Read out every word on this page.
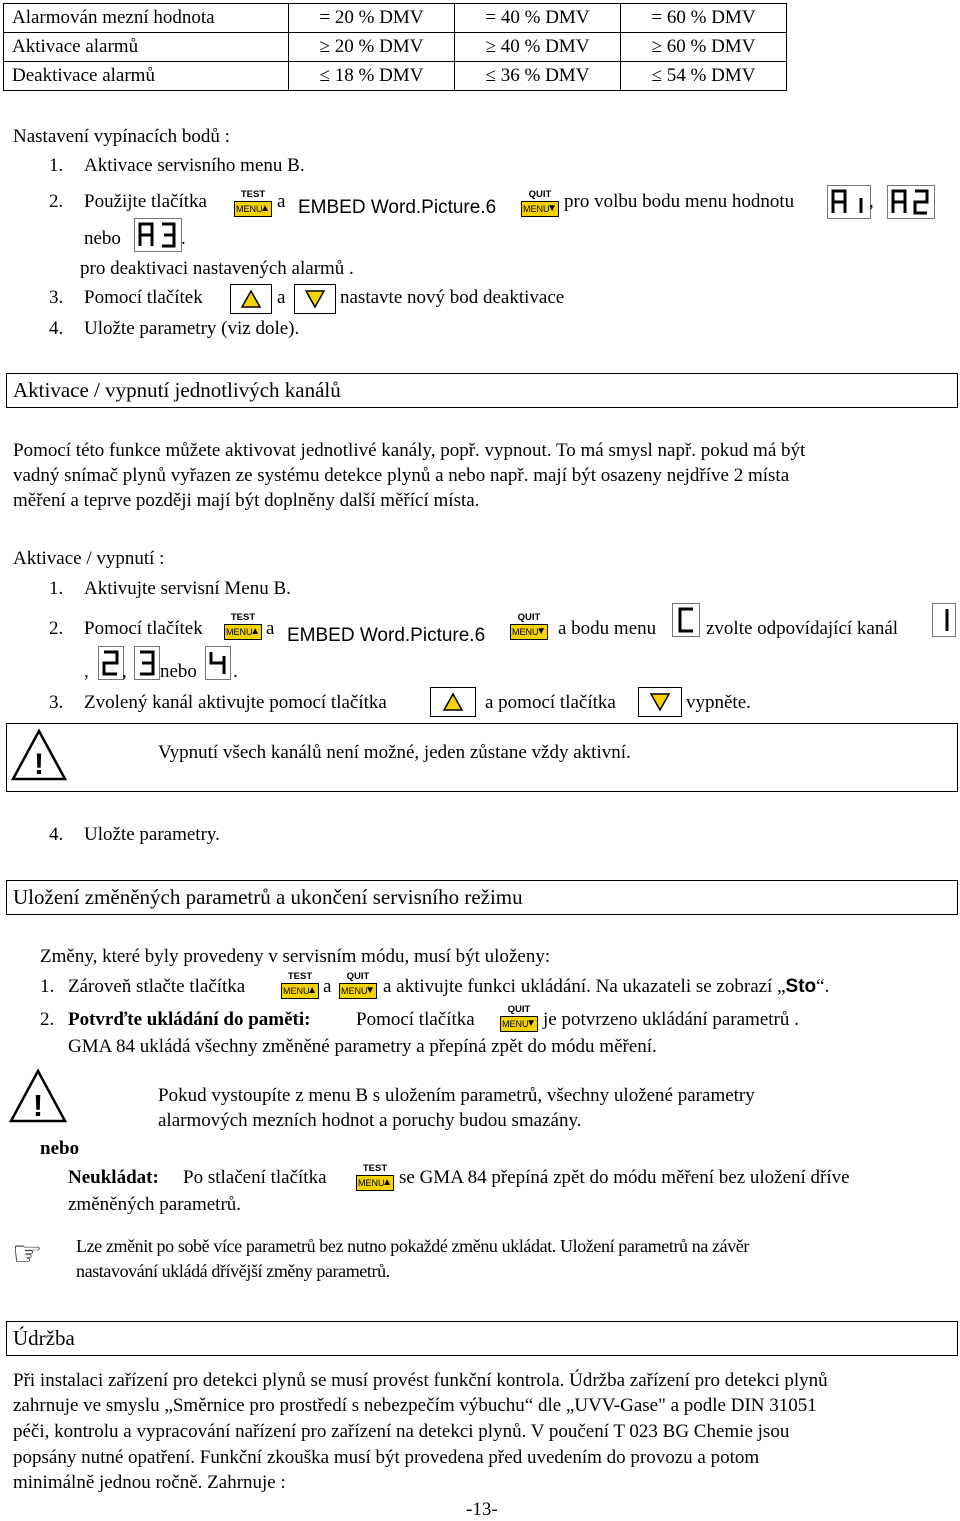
Alarmován mezní hodnota	= 20 % DMV	= 40 % DMV	= 60 % DMV
Aktivace alarmů	≥ 20 % DMV	≥ 40 % DMV	≥ 60 % DMV
Deaktivace alarmů	≤ 18 % DMV	≤ 36 % DMV	≤ 54 % DMV
Nastavení vypínacích bodů :
1. Aktivace servisního menu B.
2. Použijte tlačítka	TEST
MENU
▲ a EMBED Word.Picture.6
QUIT
MENU
▼ pro volbu bodu menu hodnotu	,
nebo	.
pro deaktivaci nastavených alarmů .
3. Pomocí tlačítek	a	nastavte nový bod deaktivace
4. Uložte parametry (viz dole).
Aktivace / vypnutí jednotlivých kanálů
Pomocí této funkce můžete aktivovat jednotlivé kanály, popř. vypnout. To má smysl např. pokud má být
vadný snímač plynů vyřazen ze systému detekce plynů a nebo např. mají být osazeny nejdříve 2 místa
měření a teprve později mají být doplněny další měřící místa.
Aktivace / vypnutí :
1. Aktivujte servisní Menu B.
2. Pomocí tlačítek
TEST
MENU
▲ a EMBED Word.Picture.6
QUIT
MENU
▼ a bodu menu	zvolte odpovídající kanál
, , nebo .
3. Zvolený kanál aktivujte pomocí tlačítka	a pomocí tlačítka	vypněte.
!	Vypnutí všech kanálů není možné, jeden zůstane vždy aktivní.
4. Uložte parametry.
Uložení změněných parametrů a ukončení servisního režimu
Změny, které byly provedeny v servisním módu, musí být uloženy:
1. Zároveň stlačte tlačítka	TEST
MENU
▲ a	QUIT
MENU
▼ a aktivujte funkci ukládání. Na ukazateli se zobrazí „Sto“.
2. Potvrďte ukládání do paměti: Pomocí tlačítka	QUIT
MENU
▼ je potvrzeno ukládání parametrů .
GMA 84 ukládá všechny změněné parametry a přepíná zpět do módu měření.
!	Pokud vystoupíte z menu B s uložením parametrů, všechny uložené parametry
alarmových mezních hodnot a poruchy budou smazány.
nebo
Neukládat: Po stlačení tlačítka	TEST
MENU
▲ se GMA 84 přepíná zpět do módu měření bez uložení dříve
změněných parametrů.
☞ Lze změnit po sobě více parametrů bez nutno pokaždé změnu ukládat. Uložení parametrů na závěr
nastavování ukládá dřívější změny parametrů.
Údržba
Při instalaci zařízení pro detekci plynů se musí provést funkční kontrola. Údržba zařízení pro detekci plynů
zahrnuje ve smyslu „Směrnice pro prostředí s nebezpečím výbuchu“ dle „UVV-Gase" a podle DIN 31051
péči, kontrolu a vypracování nařízení pro zařízení na detekci plynů. V poučení T 023 BG Chemie jsou
popsány nutné opatření. Funkční zkouška musí být provedena před uvedením do provozu a potom
minimálně jednou ročně. Zahrnuje :
-13-
